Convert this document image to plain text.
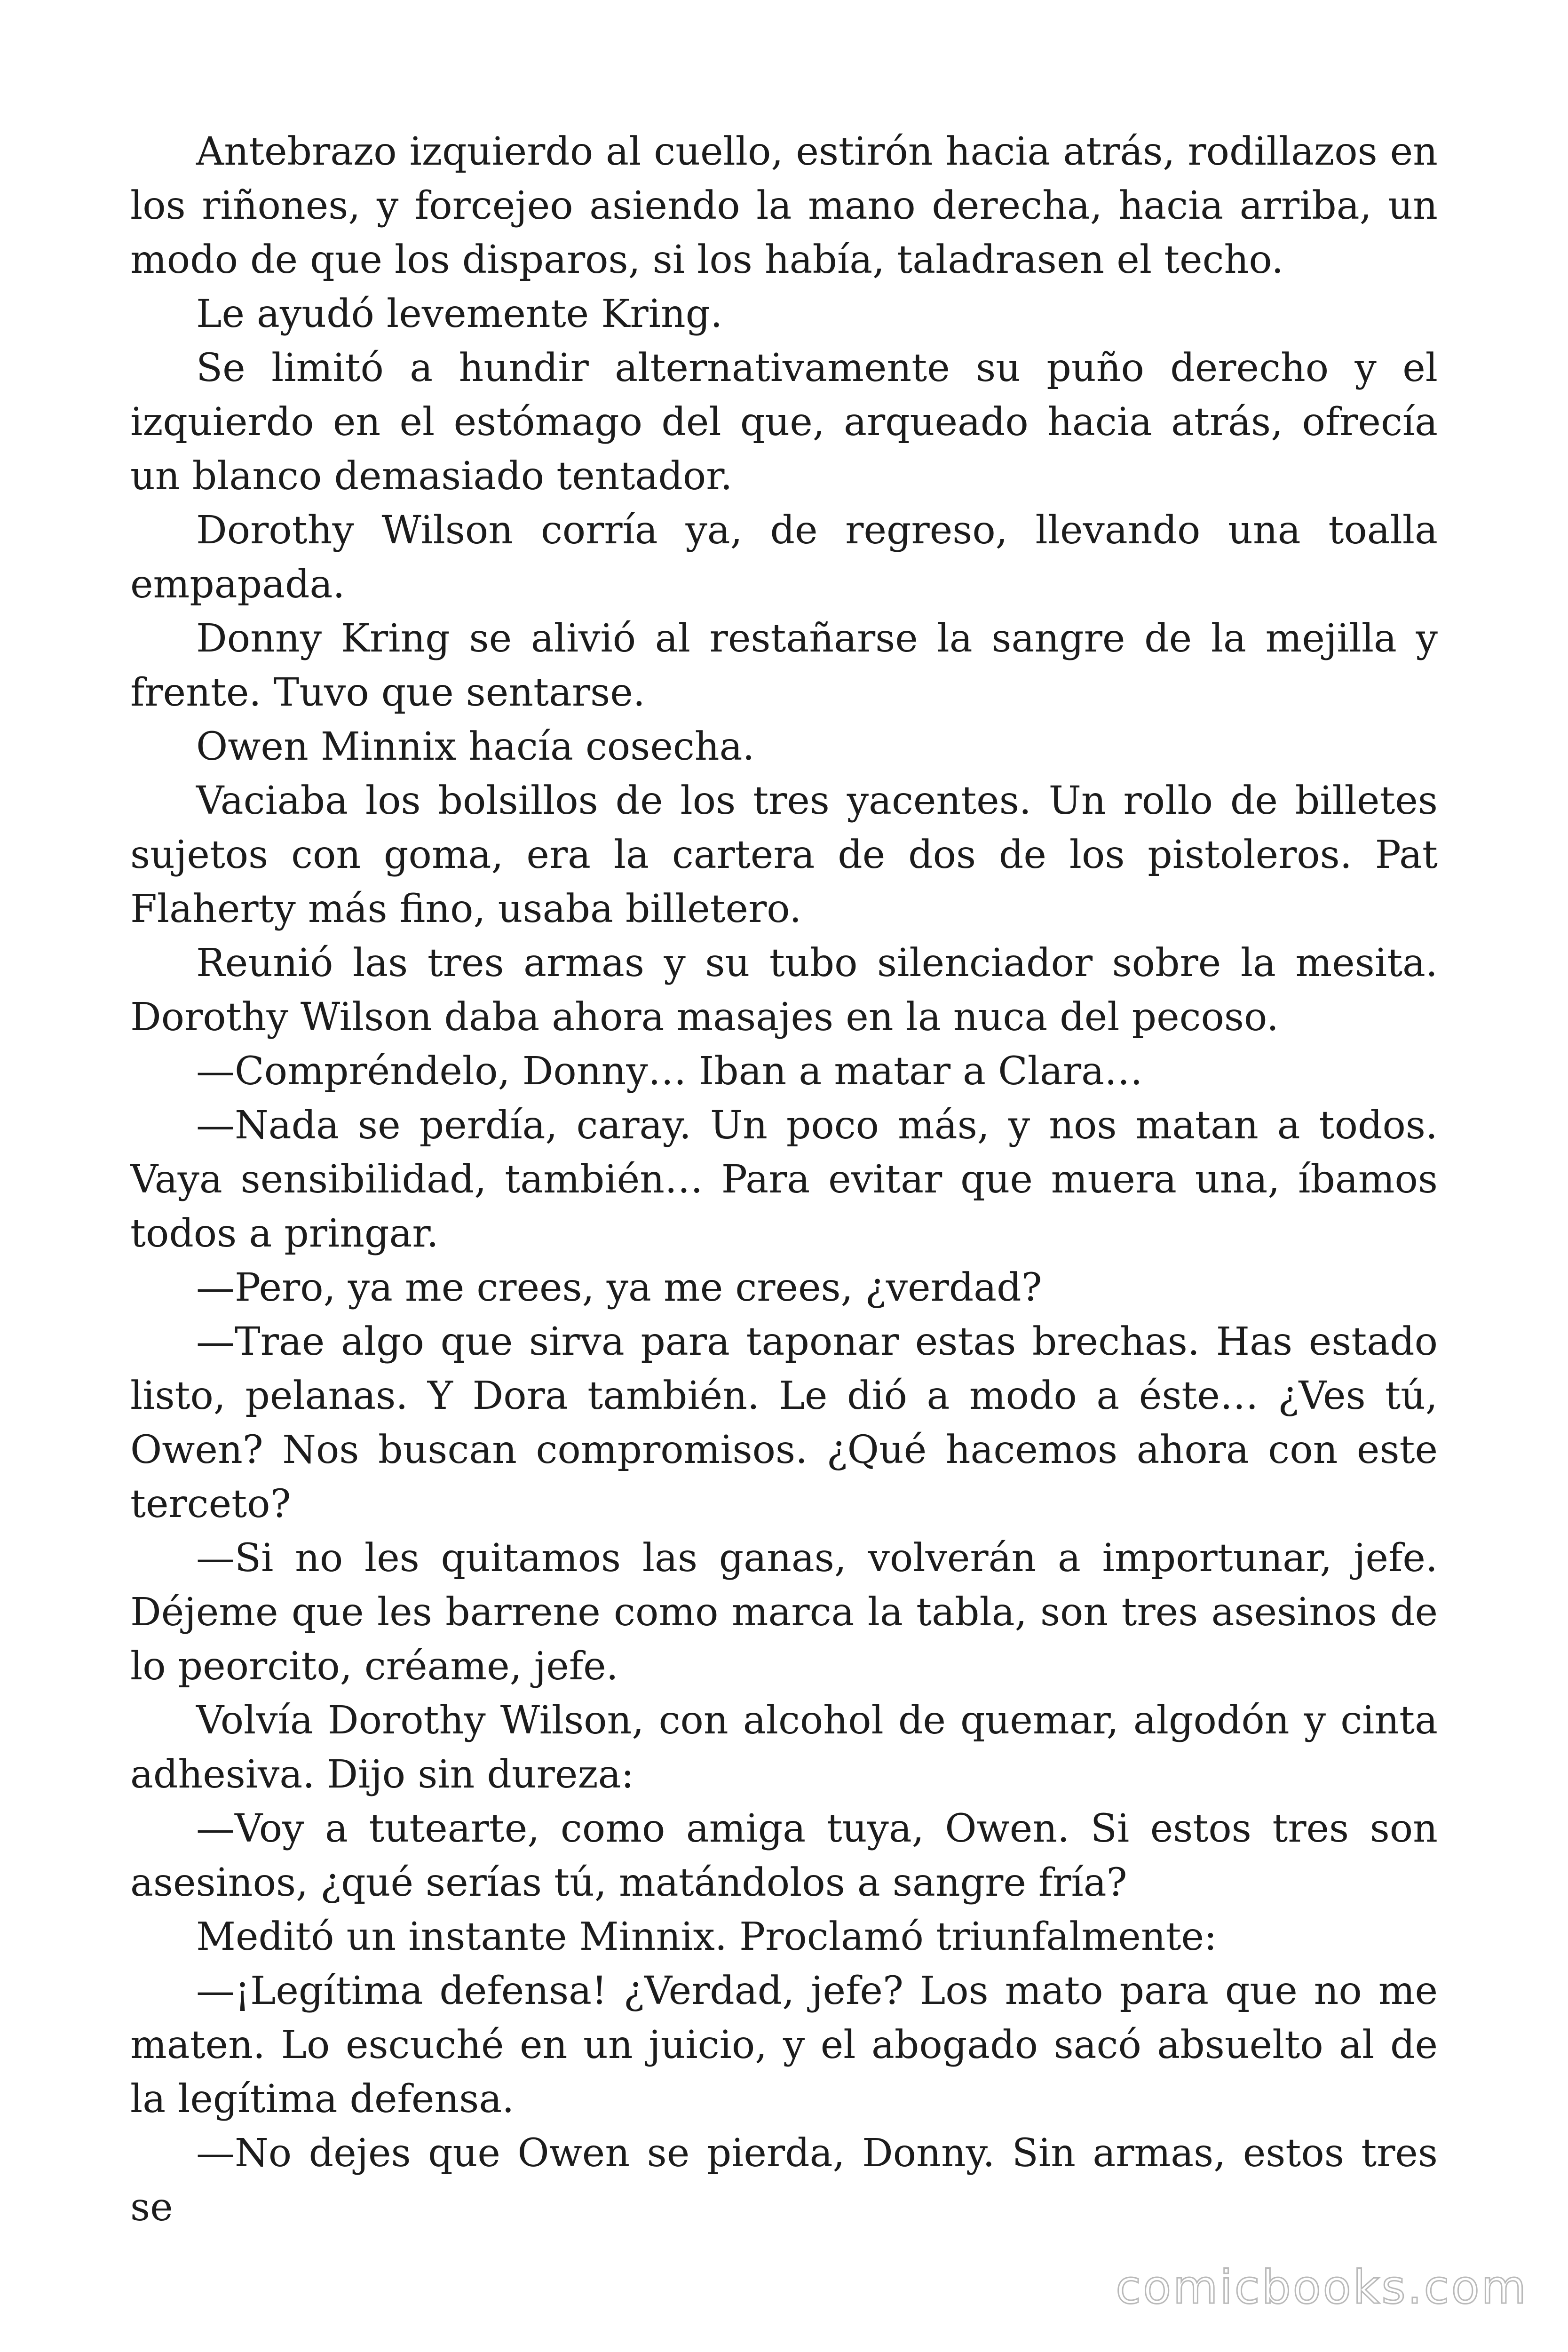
Antebrazo izquierdo al cuello, estirón hacia atrás, rodillazos en los riñones, y forcejeo asiendo la mano derecha, hacia arriba, un modo de que los disparos, si los había, taladrasen el techo.

Le ayudó levemente Kring.

Se limitó a hundir alternativamente su puño derecho y el izquierdo en el estómago del que, arqueado hacia atrás, ofrecía un blanco demasiado tentador.

Dorothy Wilson corría ya, de regreso, llevando una toalla empapada.

Donny Kring se alivió al restañarse la sangre de la mejilla y frente. Tuvo que sentarse.

Owen Minnix hacía cosecha.

Vaciaba los bolsillos de los tres yacentes. Un rollo de billetes sujetos con goma, era la cartera de dos de los pistoleros. Pat Flaherty más fino, usaba billetero.

Reunió las tres armas y su tubo silenciador sobre la mesita. Dorothy Wilson daba ahora masajes en la nuca del pecoso.

—Compréndelo, Donny… Iban a matar a Clara…

—Nada se perdía, caray. Un poco más, y nos matan a todos. Vaya sensibilidad, también… Para evitar que muera una, íbamos todos a pringar.

—Pero, ya me crees, ya me crees, ¿verdad?

—Trae algo que sirva para taponar estas brechas. Has estado listo, pelanas. Y Dora también. Le dió a modo a éste… ¿Ves tú, Owen? Nos buscan compromisos. ¿Qué hacemos ahora con este terceto?

—Si no les quitamos las ganas, volverán a importunar, jefe. Déjeme que les barrene como marca la tabla, son tres asesinos de lo peorcito, créame, jefe.

Volvía Dorothy Wilson, con alcohol de quemar, algodón y cinta adhesiva. Dijo sin dureza:

—Voy a tutearte, como amiga tuya, Owen. Si estos tres son asesinos, ¿qué serías tú, matándolos a sangre fría?

Meditó un instante Minnix. Proclamó triunfalmente:

—¡Legítima defensa! ¿Verdad, jefe? Los mato para que no me maten. Lo escuché en un juicio, y el abogado sacó absuelto al de la legítima defensa.

—No dejes que Owen se pierda, Donny. Sin armas, estos tres se

comicbooks.com
